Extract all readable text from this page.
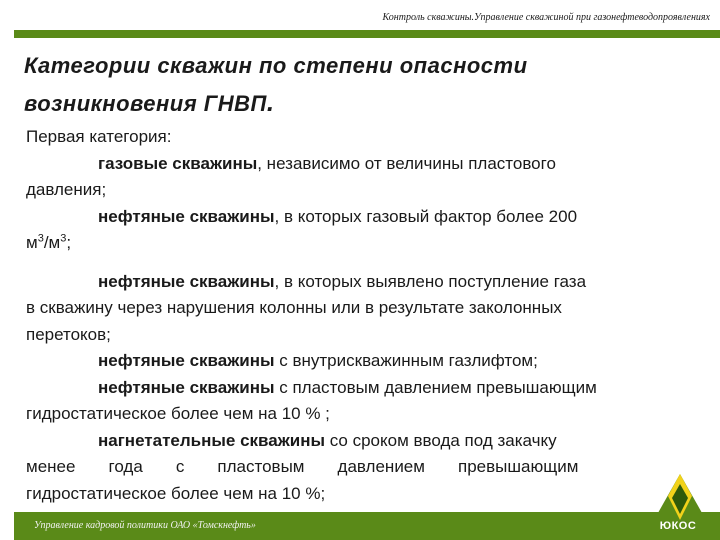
Контроль скважины.Управление скважиной при газонефтеводопроявлениях
Категории скважин по степени опасности
возникновения ГНВП.

Первая категория:

газовые скважины, независимо от величины пластового
давления;

нефтяные скважины, в которых газовый фактор более 200
$м^3/м^3$;

нефтяные скважины, в которых выявлено поступление газа
в скважину через нарушения колонны или в результате заколонных
перетоков;

нефтяные скважины с внутрискважинным газлифтом;

нефтяные скважины с пластовым давлением превышающим
гидростатическое более чем на 10 % ;

нагнетательные скважины со сроком ввода под закачку
менее       года       с       пластовым       давлением       превышающим
гидростатическое более чем на 10 %;

Управление кадровой политики ОАО «Томскнефть»	ЮКОС
